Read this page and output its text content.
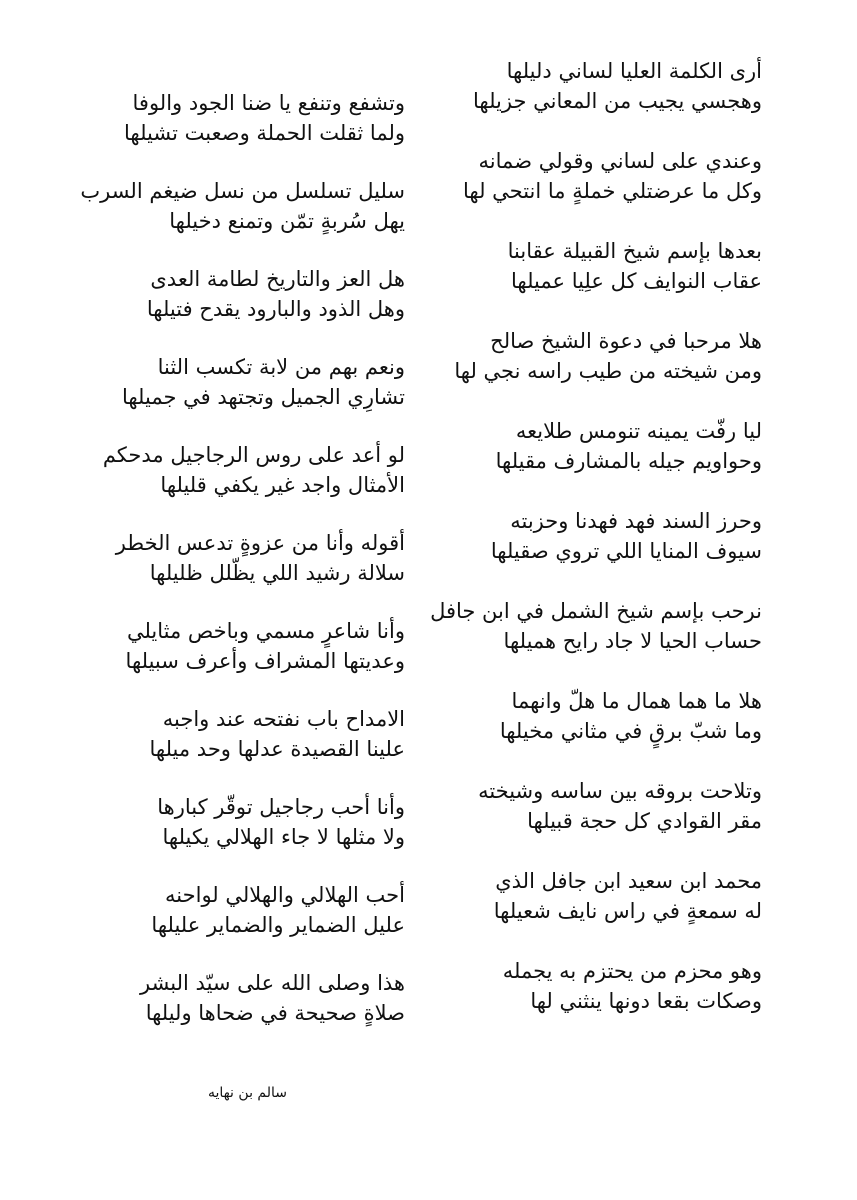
أرى الكلمة العليا لساني دليلها
وهجسي يجيب من المعاني جزيلها
وعندي على لساني وقولي ضمانه
وكل ما عرضتلي خملةٍ ما انتحي لها
بعدها بإسم شيخ القبيلة عقابنا
عقاب النوايف كل علِيا عميلها
هلا مرحبا في دعوة الشيخ صالح
ومن شيخته من طيب راسه نجي لها
ليا رفّت يمينه تنومس طلايعه
وحواويم جيله بالمشارف مقيلها
وحرز السند فهد فهدنا وحزبته
سيوف المنايا اللي تروي صقيلها
نرحب بإسم شيخ الشمل في ابن جافل
حساب الحيا لا جاد رايح هميلها
هلا ما هما همال ما هلّ وانهما
وما شبّ برقٍ في مثاني مخيلها
وتلاحت بروقه بين ساسه وشيخته
مقر القوادي كل حجة قبيلها
محمد ابن سعيد ابن جافل الذي
له سمعةٍ في راس نايف شعيلها
وهو محزم من يحتزم به يجمله
وصكات بقعا دونها ينثني لها
وتشفع وتنفع يا ضنا الجود والوفا
ولما ثقلت الحملة وصعبت تشيلها
سليل تسلسل من نسل ضيغم السرب
يهل سُربةٍ تمّن وتمنع دخيلها
هل العز والتاريخ لطامة العدى
وهل الذود والبارود يقدح فتيلها
ونعم بهم من لابة تكسب الثنا
تشارِي الجميل وتجتهد في جميلها
لو أعد على روس الرجاجيل مدحكم
الأمثال واجد غير يكفي قليلها
أقوله وأنا من عزوةٍ تدعس الخطر
سلالة رشيد اللي يظّلل ظليلها
وأنا شاعرٍ مسمي وباخص مثايلي
وعديتها المشراف وأعرف سبيلها
الامداح باب نفتحه عند واجبه
علينا القصيدة عدلها وحد ميلها
وأنا أحب رجاجيل توقّر كبارها
ولا مثلها لا جاء الهلالي يكيلها
أحب الهلالي والهلالي لواحنه
عليل الضماير والضماير عليلها
هذا وصلى الله على سيّد البشر
صلاةٍ صحيحة في ضحاها وليلها
سالم بن نهايه
